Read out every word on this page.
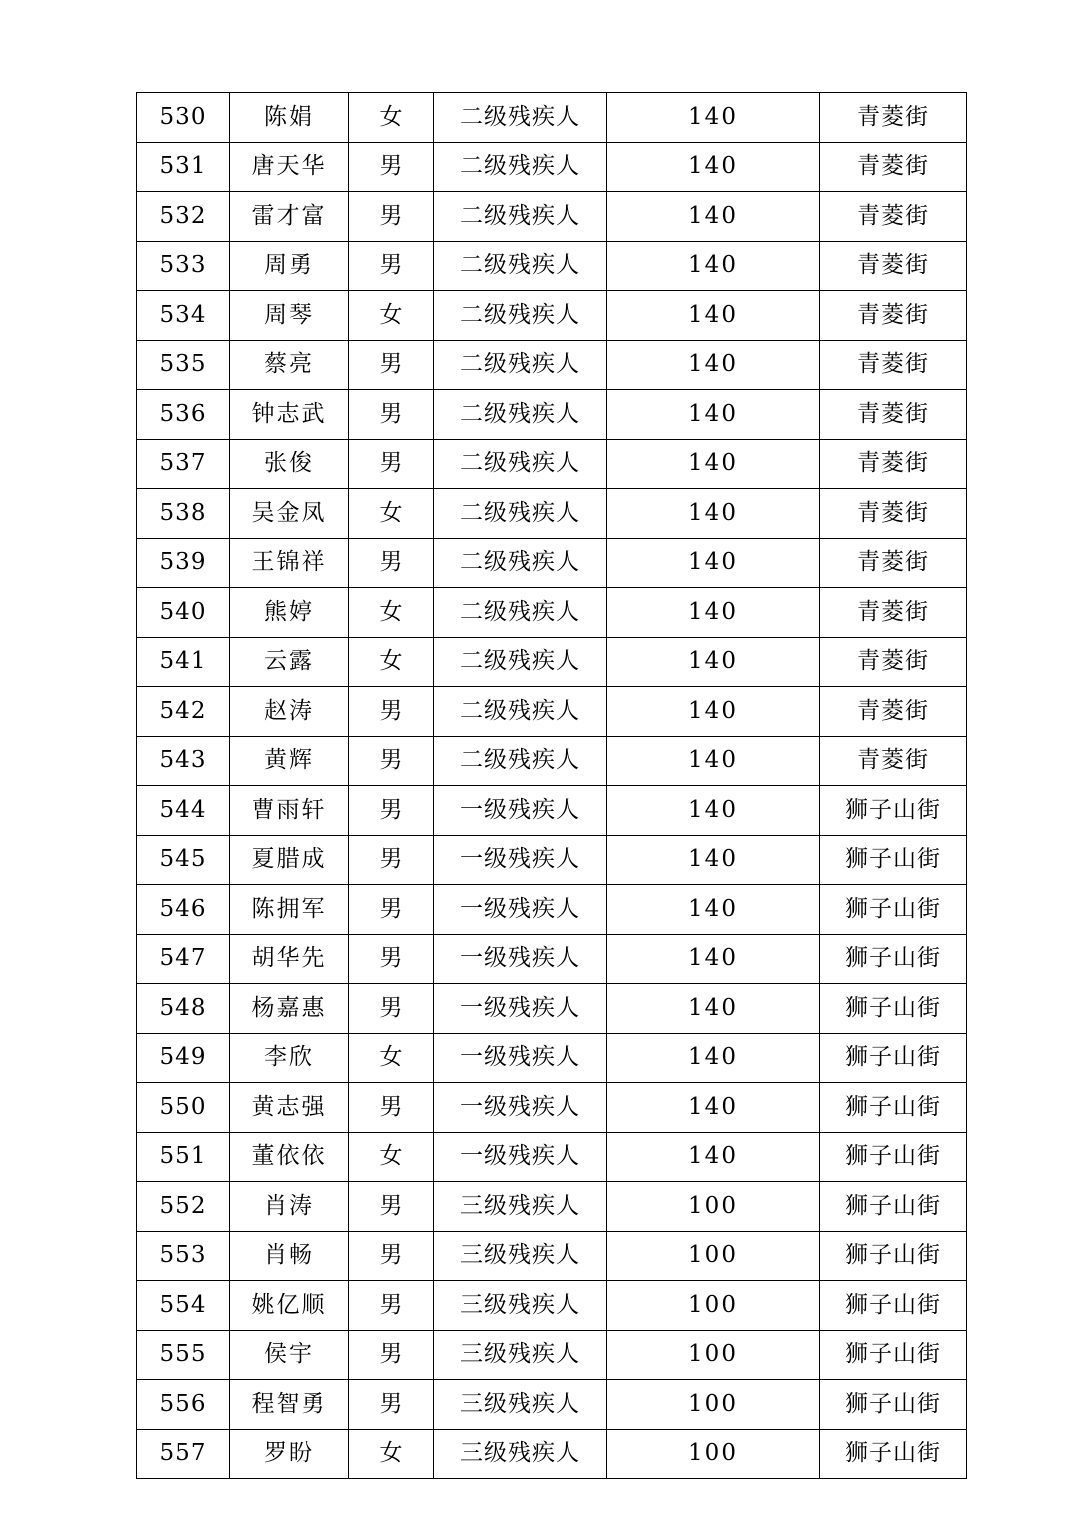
530	陈娟	女	二级残疾人	140	青菱街
531	唐天华	男	二级残疾人	140	青菱街
532	雷才富	男	二级残疾人	140	青菱街
533	周勇	男	二级残疾人	140	青菱街
534	周琴	女	二级残疾人	140	青菱街
535	蔡亮	男	二级残疾人	140	青菱街
536	钟志武	男	二级残疾人	140	青菱街
537	张俊	男	二级残疾人	140	青菱街
538	吴金凤	女	二级残疾人	140	青菱街
539	王锦祥	男	二级残疾人	140	青菱街
540	熊婷	女	二级残疾人	140	青菱街
541	云露	女	二级残疾人	140	青菱街
542	赵涛	男	二级残疾人	140	青菱街
543	黄辉	男	二级残疾人	140	青菱街
544	曹雨轩	男	一级残疾人	140	狮子山街
545	夏腊成	男	一级残疾人	140	狮子山街
546	陈拥军	男	一级残疾人	140	狮子山街
547	胡华先	男	一级残疾人	140	狮子山街
548	杨嘉惠	男	一级残疾人	140	狮子山街
549	李欣	女	一级残疾人	140	狮子山街
550	黄志强	男	一级残疾人	140	狮子山街
551	董依依	女	一级残疾人	140	狮子山街
552	肖涛	男	三级残疾人	100	狮子山街
553	肖畅	男	三级残疾人	100	狮子山街
554	姚亿顺	男	三级残疾人	100	狮子山街
555	侯宇	男	三级残疾人	100	狮子山街
556	程智勇	男	三级残疾人	100	狮子山街
557	罗盼	女	三级残疾人	100	狮子山街
